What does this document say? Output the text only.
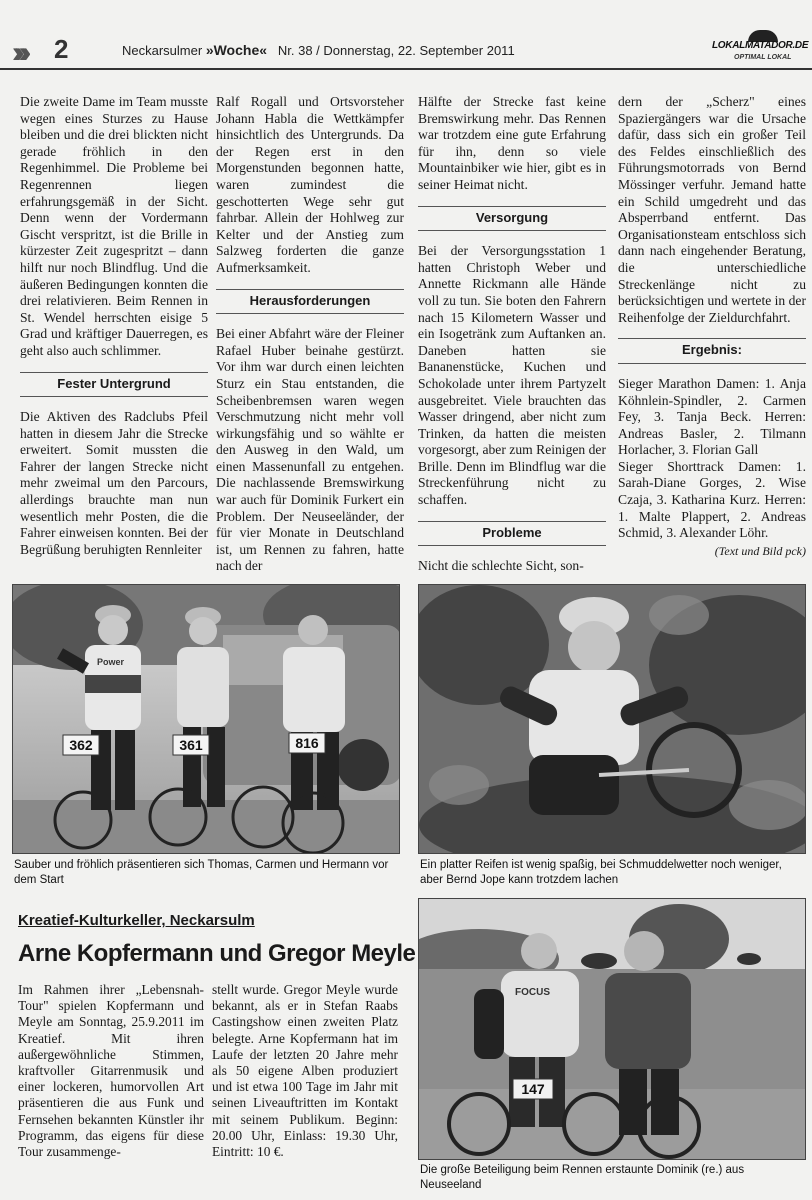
»» 2	Neckarsulmer »Woche« Nr. 38 / Donnerstag, 22. September 2011	LOKALMATADOR.DE
OPTIMAL LOKAL

Die zweite Dame im Team musste wegen eines Sturzes zu Hause bleiben und die drei blickten nicht gerade fröhlich in den Regenhimmel. Die Probleme bei Regenrennen liegen erfahrungsgemäß in der Sicht. Denn wenn der Vordermann Gischt verspritzt, ist die Brille in kürzester Zeit zugespritzt – dann hilft nur noch Blindflug. Und die äußeren Bedingungen konnten die drei relativieren. Beim Rennen in St. Wendel herrschten eisige 5 Grad und kräftiger Dauerregen, es geht also auch schlimmer.

Fester Untergrund

Die Aktiven des Radclubs Pfeil hatten in diesem Jahr die Strecke erweitert. Somit mussten die Fahrer der langen Strecke nicht mehr zweimal um den Parcours, allerdings brauchte man nun wesentlich mehr Posten, die die Fahrer einweisen konnten. Bei der Begrüßung beruhigten Rennleiter

Ralf Rogall und Ortsvorsteher Johann Habla die Wettkämpfer hinsichtlich des Untergrunds. Da der Regen erst in den Morgenstunden begonnen hatte, waren zumindest die geschotterten Wege sehr gut fahrbar. Allein der Hohlweg zur Kelter und der Anstieg zum Salzweg forderten die ganze Aufmerksamkeit.

Herausforderungen

Bei einer Abfahrt wäre der Fleiner Rafael Huber beinahe gestürzt. Vor ihm war durch einen leichten Sturz ein Stau entstanden, die Scheibenbremsen waren wegen Verschmutzung nicht mehr voll wirkungsfähig und so wählte er den Ausweg in den Wald, um einen Massenunfall zu entgehen. Die nachlassende Bremswirkung war auch für Dominik Furkert ein Problem. Der Neuseeländer, der für vier Monate in Deutschland ist, um Rennen zu fahren, hatte nach der

Hälfte der Strecke fast keine Bremswirkung mehr. Das Rennen war trotzdem eine gute Erfahrung für ihn, denn so viele Mountainbiker wie hier, gibt es in seiner Heimat nicht.

Versorgung

Bei der Versorgungsstation 1 hatten Christoph Weber und Annette Rickmann alle Hände voll zu tun. Sie boten den Fahrern nach 15 Kilometern Wasser und ein Isogetränk zum Auftanken an. Daneben hatten sie Bananenstücke, Kuchen und Schokolade unter ihrem Partyzelt ausgebreitet. Viele brauchten das Wasser dringend, aber nicht zum Trinken, da hatten die meisten vorgesorgt, aber zum Reinigen der Brille. Denn im Blindflug war die Streckenführung nicht zu schaffen.

Probleme

Nicht die schlechte Sicht, son-

dern der „Scherz" eines Spaziergängers war die Ursache dafür, dass sich ein großer Teil des Feldes einschließlich des Führungsmotorrads von Bernd Mössinger verfuhr. Jemand hatte ein Schild umgedreht und das Absperrband entfernt. Das Organisationsteam entschloss sich dann nach eingehender Beratung, die unterschiedliche Streckenlänge nicht zu berücksichtigen und wertete in der Reihenfolge der Zieldurchfahrt.

Ergebnis:

Sieger Marathon Damen: 1. Anja Köhnlein-Spindler, 2. Carmen Fey, 3. Tanja Beck. Herren: Andreas Basler, 2. Tilmann Horlacher, 3. Florian Gall

Sieger Shorttrack Damen: 1. Sarah-Diane Gorges, 2. Wise Czaja, 3. Katharina Kurz. Herren: 1. Malte Plappert, 2. Andreas Schmid, 3. Alexander Löhr.

(Text und Bild pck)
362	361	816
Power
Sauber und fröhlich präsentieren sich Thomas, Carmen und Hermann vor dem Start
Ein platter Reifen ist wenig spaßig, bei Schmuddelwetter noch weniger, aber Bernd Jope kann trotzdem lachen
Kreatief-Kulturkeller, Neckarsulm
Arne Kopfermann und Gregor Meyle
Im Rahmen ihrer „Lebensnah-Tour" spielen Kopfermann und Meyle am Sonntag, 25.9.2011 im Kreatief. Mit ihren außergewöhnliche Stimmen, kraftvoller Gitarrenmusik und einer lockeren, humorvollen Art präsentieren die aus Funk und Fernsehen bekannten Künstler ihr Programm, das eigens für diese Tour zusammenge-
stellt wurde. Gregor Meyle wurde bekannt, als er in Stefan Raabs Castingshow einen zweiten Platz belegte. Arne Kopfermann hat im Laufe der letzten 20 Jahre mehr als 50 eigene Alben produziert und ist etwa 100 Tage im Jahr mit seinen Liveauftritten im Kontakt mit seinem Publikum. Beginn: 20.00 Uhr, Einlass: 19.30 Uhr, Eintritt: 10 €.
147
FOCUS
Die große Beteiligung beim Rennen erstaunte Dominik (re.) aus Neuseeland
